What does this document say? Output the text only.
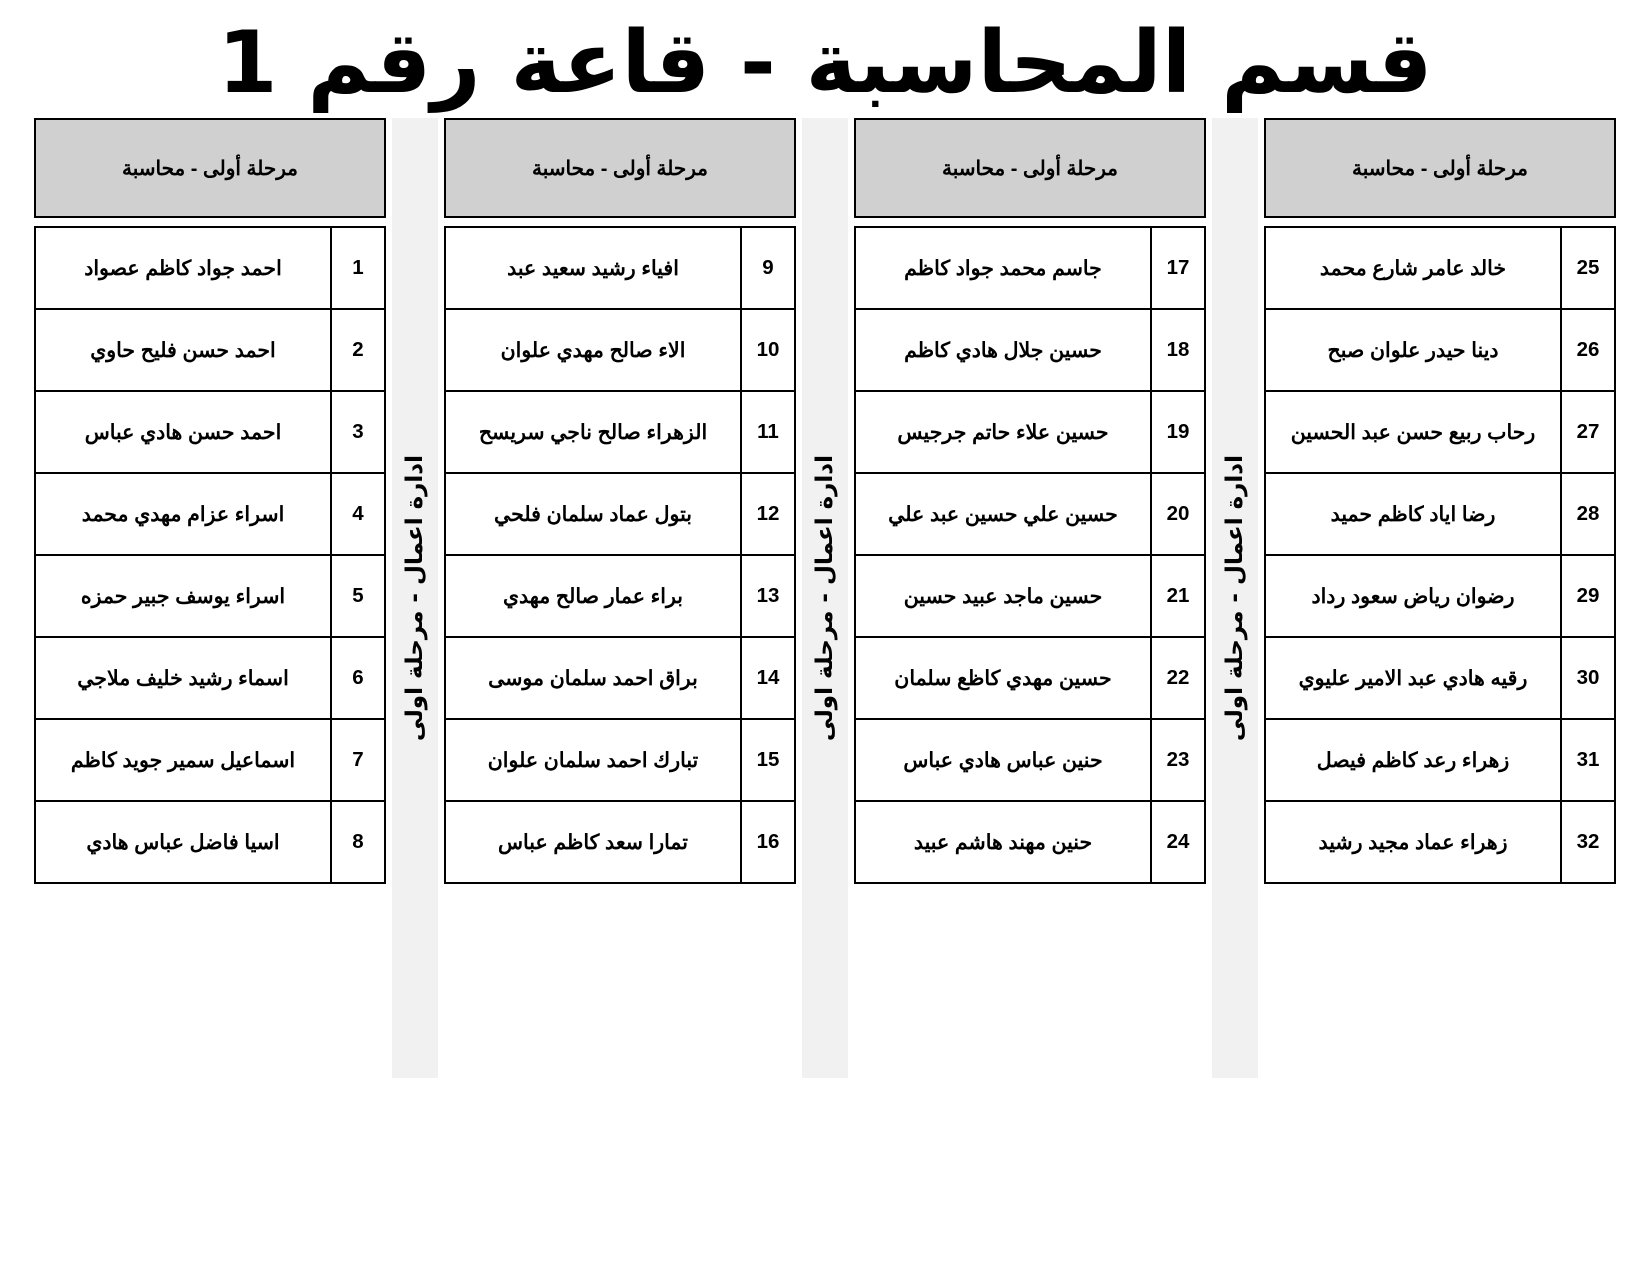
قسم المحاسبة - قاعة رقم 1
مرحلة أولى - محاسبة
25	خالد عامر شارع محمد
26	دينا حيدر علوان صبح
27	رحاب ربيع حسن عبد الحسين
28	رضا اياد كاظم حميد
29	رضوان رياض سعود رداد
30	رقيه هادي عبد الامير عليوي
31	زهراء رعد كاظم فيصل
32	زهراء عماد مجيد رشيد
ادارة اعمال - مرحلة اولى
مرحلة أولى - محاسبة
17	جاسم محمد جواد كاظم
18	حسين جلال هادي كاظم
19	حسين علاء حاتم جرجيس
20	حسين علي حسين عبد علي
21	حسين ماجد عبيد حسين
22	حسين مهدي كاظع سلمان
23	حنين عباس هادي عباس
24	حنين مهند هاشم عبيد
ادارة اعمال - مرحلة اولى
مرحلة أولى - محاسبة
9	افياء رشيد سعيد عبد
10	الاء صالح مهدي علوان
11	الزهراء صالح ناجي سريسح
12	بتول عماد سلمان فلحي
13	براء عمار صالح مهدي
14	براق احمد سلمان موسى
15	تبارك احمد سلمان علوان
16	تمارا سعد كاظم عباس
ادارة اعمال - مرحلة اولى
مرحلة أولى - محاسبة
1	احمد جواد كاظم عصواد
2	احمد حسن فليح حاوي
3	احمد حسن هادي عباس
4	اسراء عزام مهدي محمد
5	اسراء يوسف جبير حمزه
6	اسماء رشيد خليف ملاجي
7	اسماعيل سمير جويد كاظم
8	اسيا فاضل عباس هادي
